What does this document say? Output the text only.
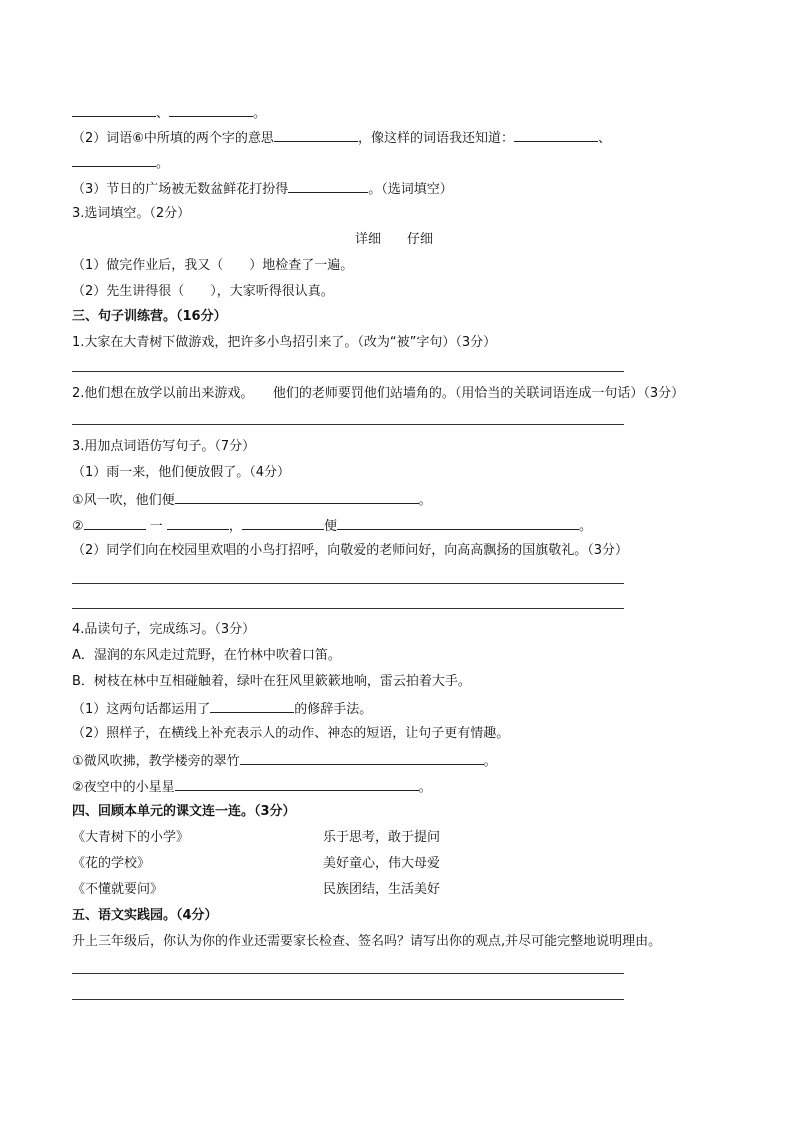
、	。
（2）词语⑥中所填的两个字的意思	，像这样的词语我还知道：	、
。
（3）节日的广场被无数盆鲜花打扮得	。（选词填空）
3.选词填空。（2分）
详细　　仔细
（1）做完作业后，我又（　　）地检查了一遍。
（2）先生讲得很（　　），大家听得很认真。
三、句子训练营。（16分）
1.大家在大青树下做游戏，把许多小鸟招引来了。（改为“被”字句）（3分）
2.他们想在放学以前出来游戏。　　他们的老师要罚他们站墙角的。（用恰当的关联词语连成一句话）（3分）
3.用加点词语仿写句子。（7分）
（1）雨一来，他们便放假了。（4分）
①风一吹，他们便	。
②	一	，	便	。
（2）同学们向在校园里欢唱的小鸟打招呼，向敬爱的老师问好，向高高飘扬的国旗敬礼。（3分）
4.品读句子，完成练习。（3分）
A．湿润的东风走过荒野，在竹林中吹着口笛。
B．树枝在林中互相碰触着，绿叶在狂风里簌簌地响，雷云拍着大手。
（1）这两句话都运用了	的修辞手法。
（2）照样子，在横线上补充表示人的动作、神态的短语，让句子更有情趣。
①微风吹拂，教学楼旁的翠竹	。
②夜空中的小星星	。
四、回顾本单元的课文连一连。（3分）
《大青树下的小学》	乐于思考，敢于提问
《花的学校》	美好童心，伟大母爱
《不懂就要问》	民族团结，生活美好
五、语文实践园。（4分）
升上三年级后，你认为你的作业还需要家长检查、签名吗？请写出你的观点,并尽可能完整地说明理由。
